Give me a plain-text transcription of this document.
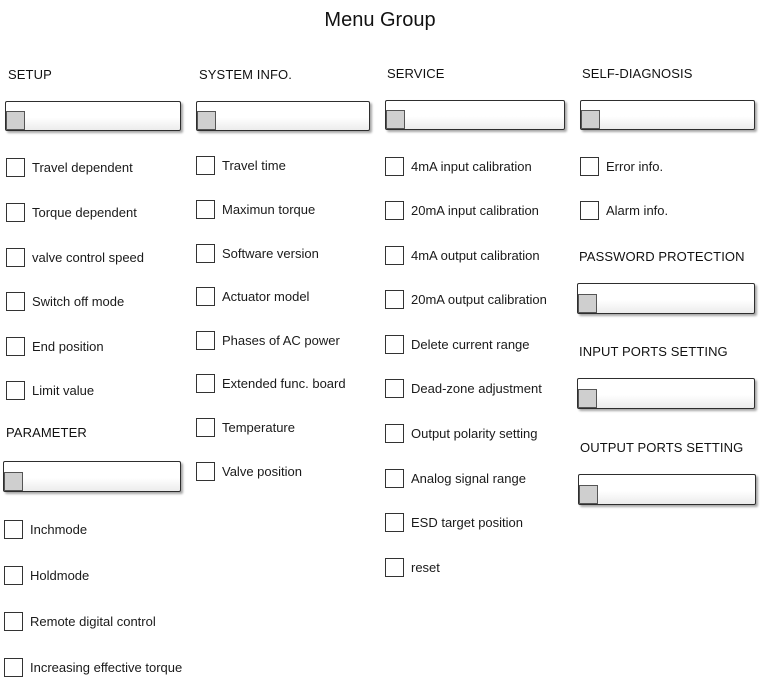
Menu Group
SETUP
Travel dependent
Torque dependent
valve control speed
Switch off mode
End position
Limit value
PARAMETER
Inchmode
Holdmode
Remote digital control
Increasing effective torque
SYSTEM INFO.
Travel time
Maximun torque
Software version
Actuator model
Phases of AC power
Extended func. board
Temperature
Valve position
SERVICE
4mA input calibration
20mA input calibration
4mA output calibration
20mA output calibration
Delete current range
Dead-zone adjustment
Output polarity setting
Analog signal range
ESD target position
reset
SELF-DIAGNOSIS
Error info.
Alarm info.
PASSWORD PROTECTION
INPUT PORTS SETTING
OUTPUT PORTS SETTING
